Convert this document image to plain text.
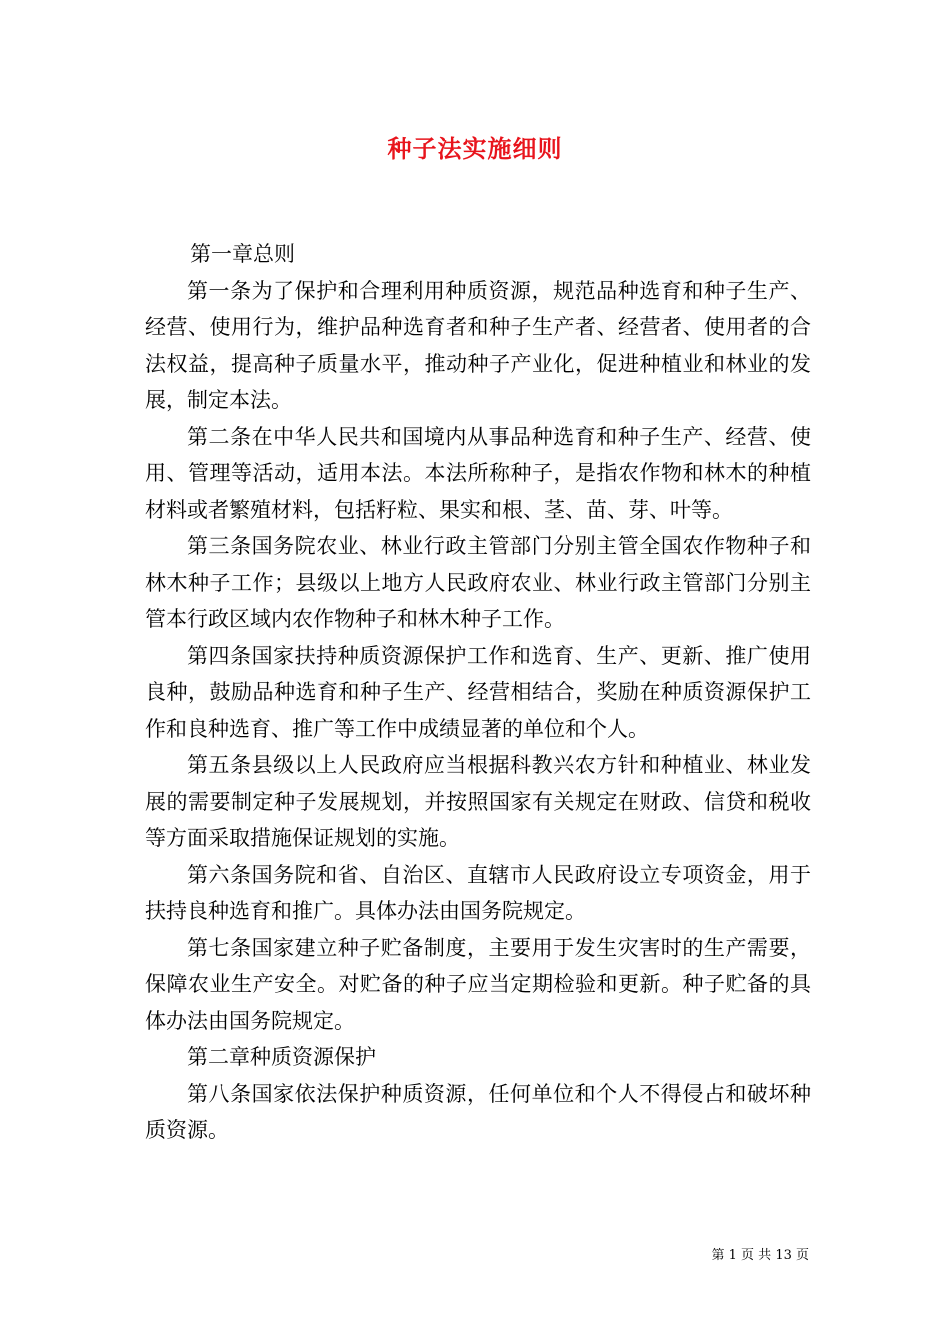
种子法实施细则

第一章总则

第一条为了保护和合理利用种质资源，规范品种选育和种子生产、经营、使用行为，维护品种选育者和种子生产者、经营者、使用者的合法权益，提高种子质量水平，推动种子产业化，促进种植业和林业的发展，制定本法。

第二条在中华人民共和国境内从事品种选育和种子生产、经营、使用、管理等活动，适用本法。本法所称种子，是指农作物和林木的种植材料或者繁殖材料，包括籽粒、果实和根、茎、苗、芽、叶等。

第三条国务院农业、林业行政主管部门分别主管全国农作物种子和林木种子工作；县级以上地方人民政府农业、林业行政主管部门分别主管本行政区域内农作物种子和林木种子工作。

第四条国家扶持种质资源保护工作和选育、生产、更新、推广使用良种，鼓励品种选育和种子生产、经营相结合，奖励在种质资源保护工作和良种选育、推广等工作中成绩显著的单位和个人。

第五条县级以上人民政府应当根据科教兴农方针和种植业、林业发展的需要制定种子发展规划，并按照国家有关规定在财政、信贷和税收等方面采取措施保证规划的实施。

第六条国务院和省、自治区、直辖市人民政府设立专项资金，用于扶持良种选育和推广。具体办法由国务院规定。

第七条国家建立种子贮备制度，主要用于发生灾害时的生产需要，保障农业生产安全。对贮备的种子应当定期检验和更新。种子贮备的具体办法由国务院规定。

第二章种质资源保护

第八条国家依法保护种质资源，任何单位和个人不得侵占和破坏种质资源。

第 1 页 共 13 页
